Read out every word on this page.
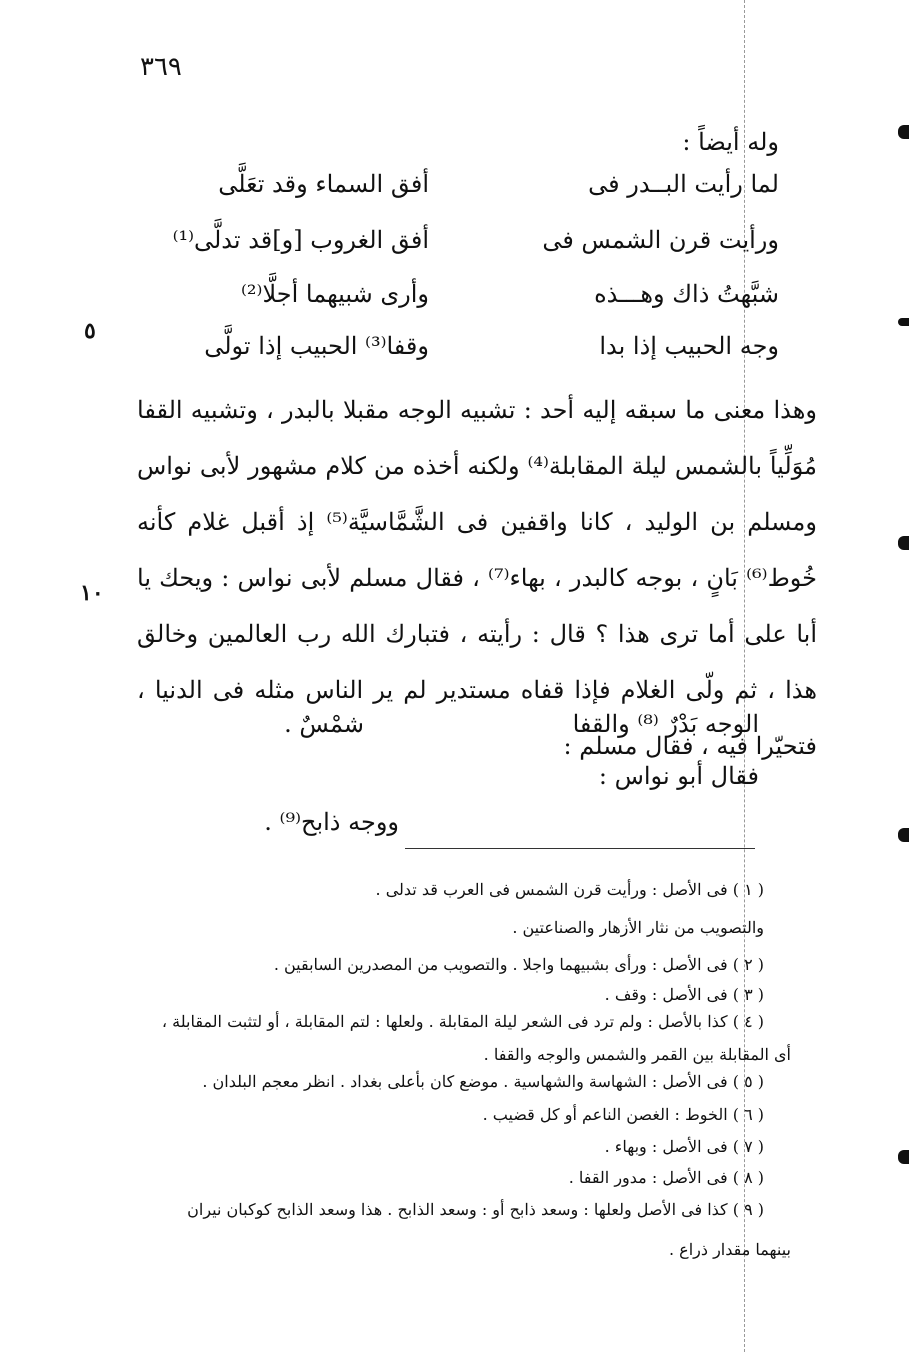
٣٦٩
٥
١٠
وله أيضاً :
لما رأيت البــدر فى
أفق السماء وقد تعَلَّى
ورأيت قرن الشمس فى
أفق الغروب [و]قد تدلَّى⁽¹⁾
شبَّهتُ ذاك وهـــذه
وأرى شبيهما أجلَّا⁽²⁾
وجه الحبيب إذا بدا
وقفا⁽³⁾ الحبيب إذا تولَّى

وهذا معنى ما سبقه إليه أحد : تشبيه الوجه مقبلا بالبدر ، وتشبيه القفا مُوَلِّياً بالشمس ليلة المقابلة⁽⁴⁾ ولكنه أخذه من كلام مشهور لأبى نواس ومسلم بن الوليد ، كانا واقفين فى الشَّمَّاسيَّة⁽⁵⁾ إذ أقبل غلام كأنه خُوط⁽⁶⁾ بَانٍ ، بوجه كالبدر ، بهاء⁽⁷⁾ ، فقال مسلم لأبى نواس : ويحك يا أبا على أما ترى هذا ؟ قال : رأيته ، فتبارك الله رب العالمين وخالق هذا ، ثم ولّى الغلام فإذا قفاه مستدير لم ير الناس مثله فى الدنيا ، فتحيّرا فيه ، فقال مسلم :

الوجه بَدْرٌ ⁽⁸⁾ والقفا
شمْسٌ .
فقال أبو نواس :
ووجه ذابح⁽⁹⁾ .
( ١ ) فى الأصل : ورأيت قرن الشمس فى العرب قد تدلى .
والتصويب من نثار الأزهار والصناعتين .
( ٢ ) فى الأصل : ورأى بشبيهما واجلا . والتصويب من المصدرين السابقين .
( ٣ ) فى الأصل : وقف .
( ٤ ) كذا بالأصل : ولم ترد فى الشعر ليلة المقابلة . ولعلها : لتم المقابلة ، أو لتثبت المقابلة ،
أى المقابلة بين القمر والشمس والوجه والقفا .
( ٥ ) فى الأصل : الشهاسة والشهاسية . موضع كان بأعلى بغداد . انظر معجم البلدان .
( ٦ ) الخوط : الغصن الناعم أو كل قضيب .
( ٧ ) فى الأصل : وبهاء .
( ٨ ) فى الأصل : مدور القفا .
( ٩ ) كذا فى الأصل ولعلها : وسعد ذابح أو : وسعد الذابح . هذا وسعد الذابح كوكبان نيران
بينهما مقدار ذراع .
